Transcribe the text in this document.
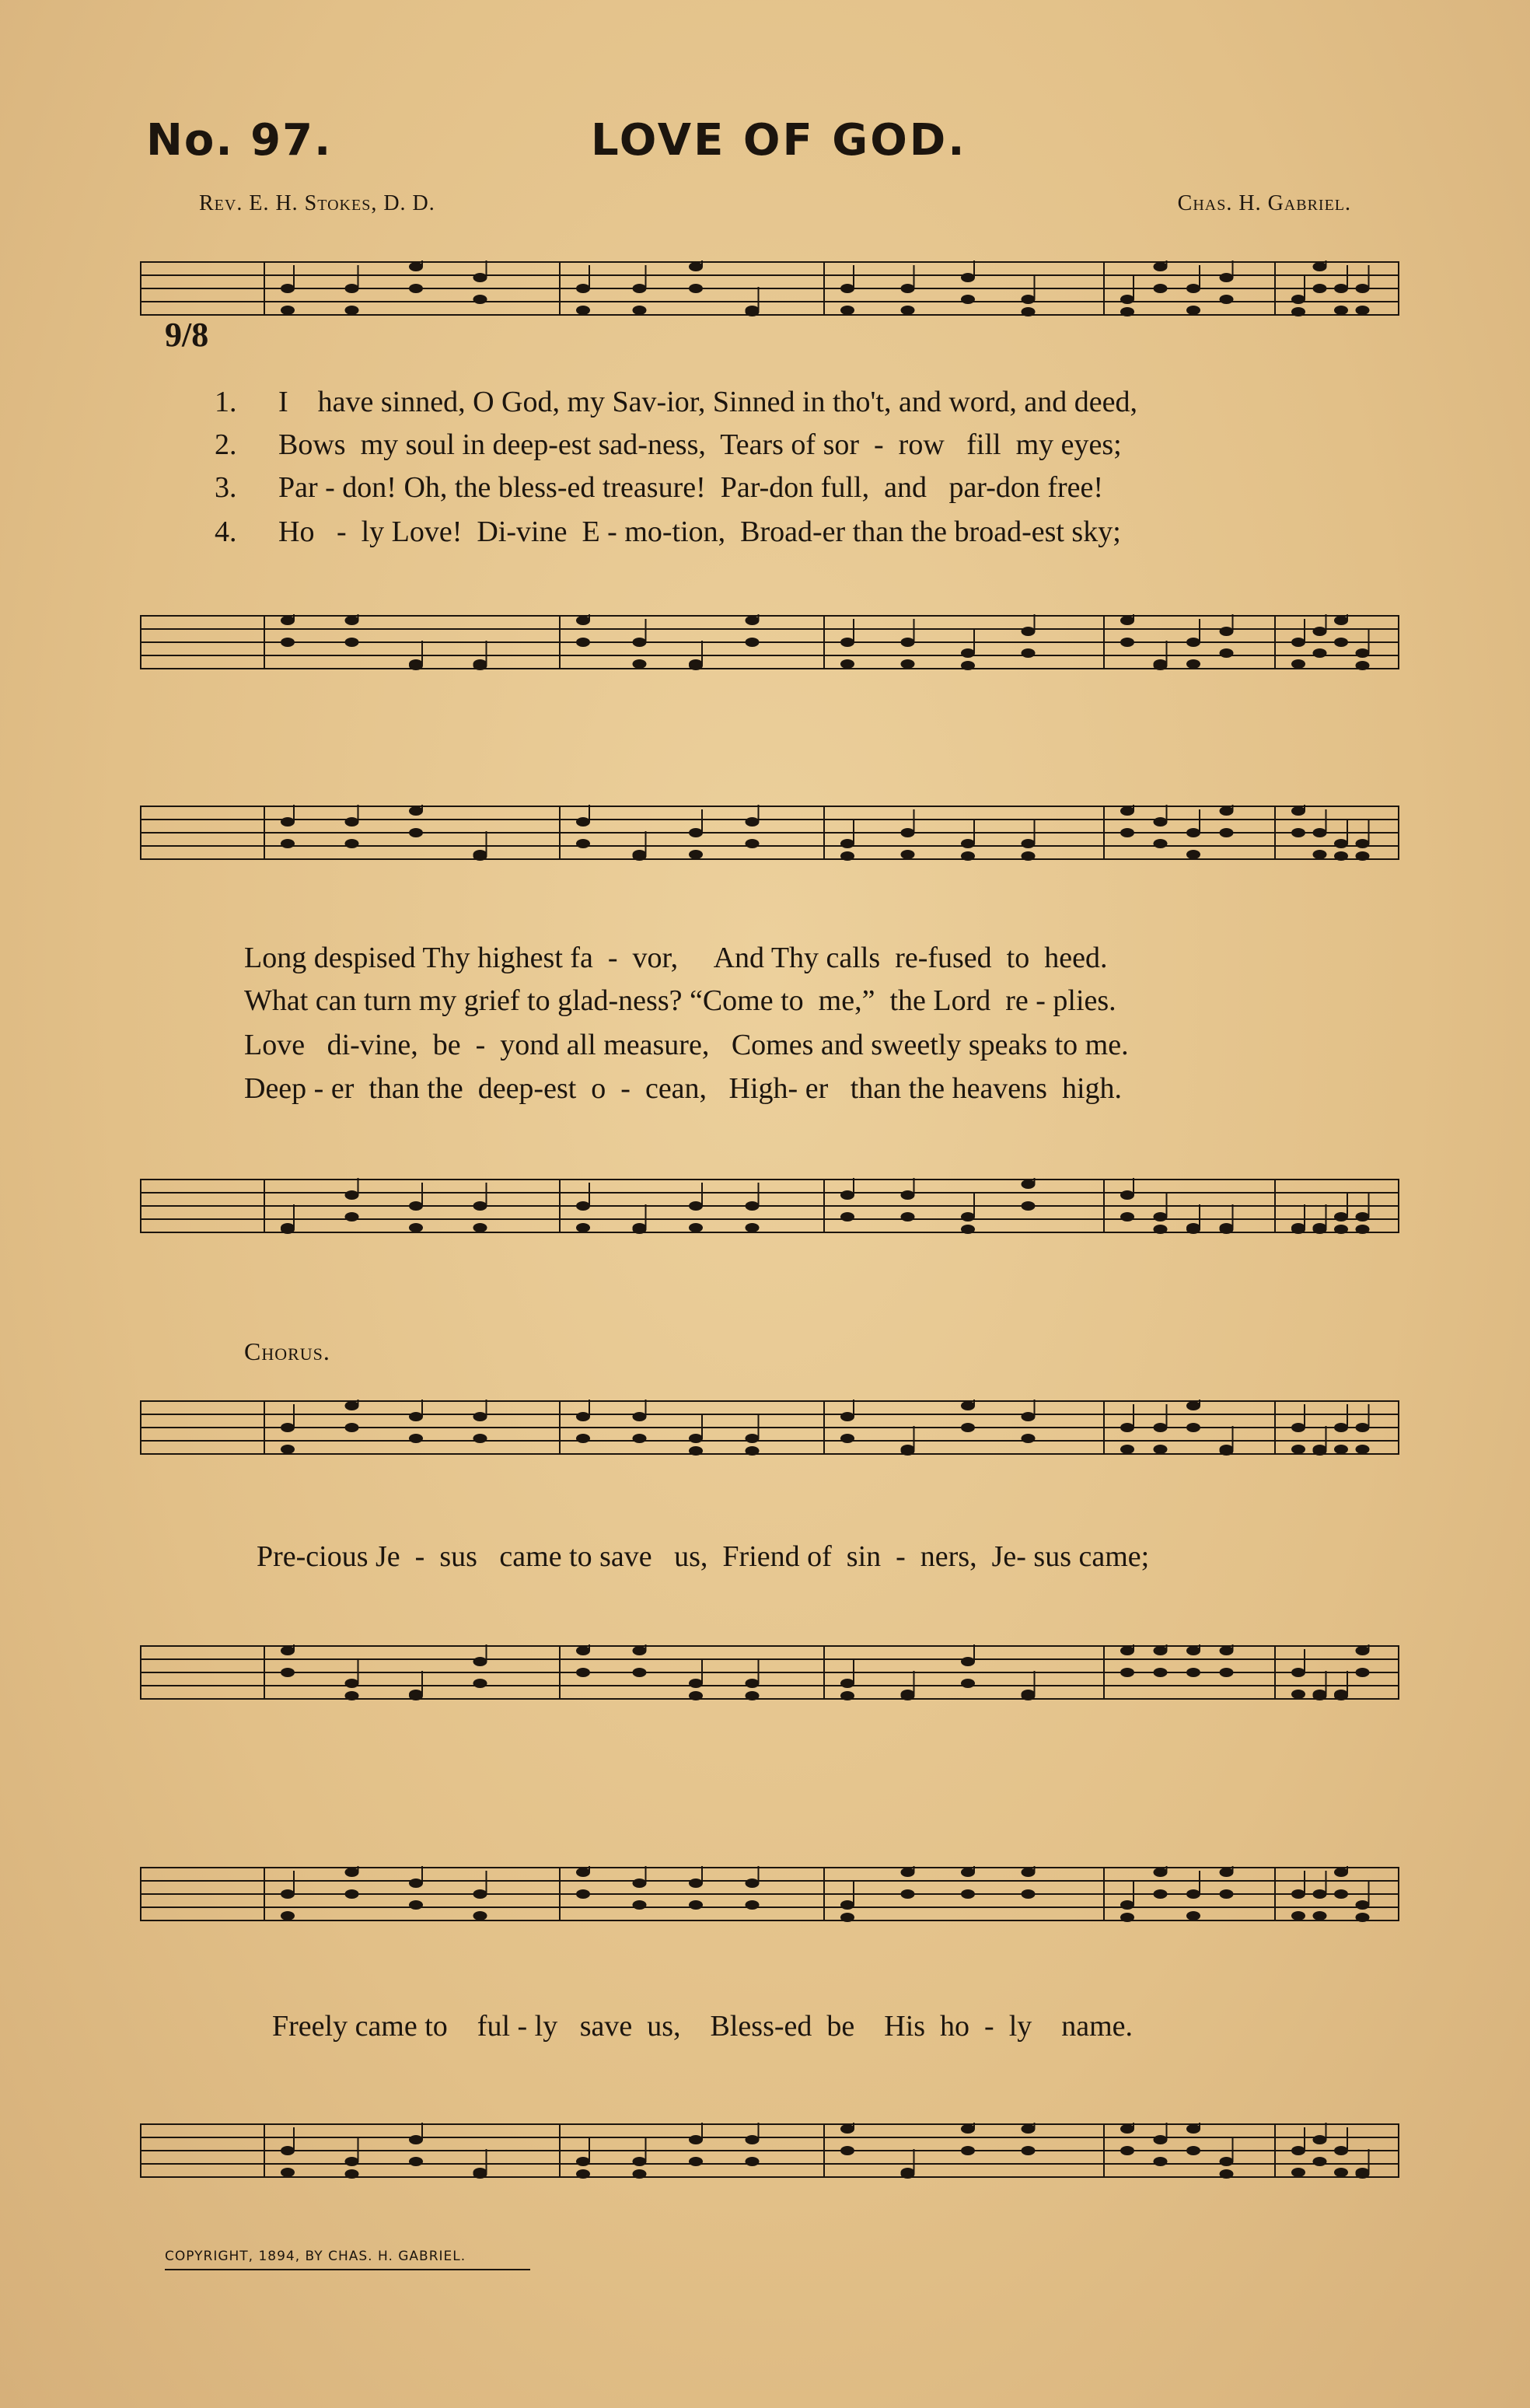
No. 97.	LOVE OF GOD.
Rev. E. H. Stokes, D. D.	Chas. H. Gabriel.
9/8
1. I    have sinned, O God, my Sav-ior, Sinned in tho't, and word, and deed,
2. Bows  my soul in deep-est sad-ness,  Tears of sor  -  row   fill  my eyes;
3. Par - don! Oh, the bless-ed treasure!  Par-don full,  and   par-don free!
4. Ho   -  ly Love!  Di-vine  E - mo-tion,  Broad-er than the broad-est sky;
Long despised Thy highest fa  -  vor,     And Thy calls  re-fused  to  heed.
What can turn my grief to glad-ness? “Come to  me,”  the Lord  re - plies.
Love   di-vine,  be  -  yond all measure,   Comes and sweetly speaks to me.
Deep - er  than the  deep-est  o  -  cean,   High- er   than the heavens  high.
Chorus.
Pre-cious Je  -  sus   came to save   us,  Friend of  sin  -  ners,  Je- sus came;
Freely came to    ful - ly   save  us,    Bless-ed  be    His  ho  -  ly    name.
COPYRIGHT, 1894, BY CHAS. H. GABRIEL.
